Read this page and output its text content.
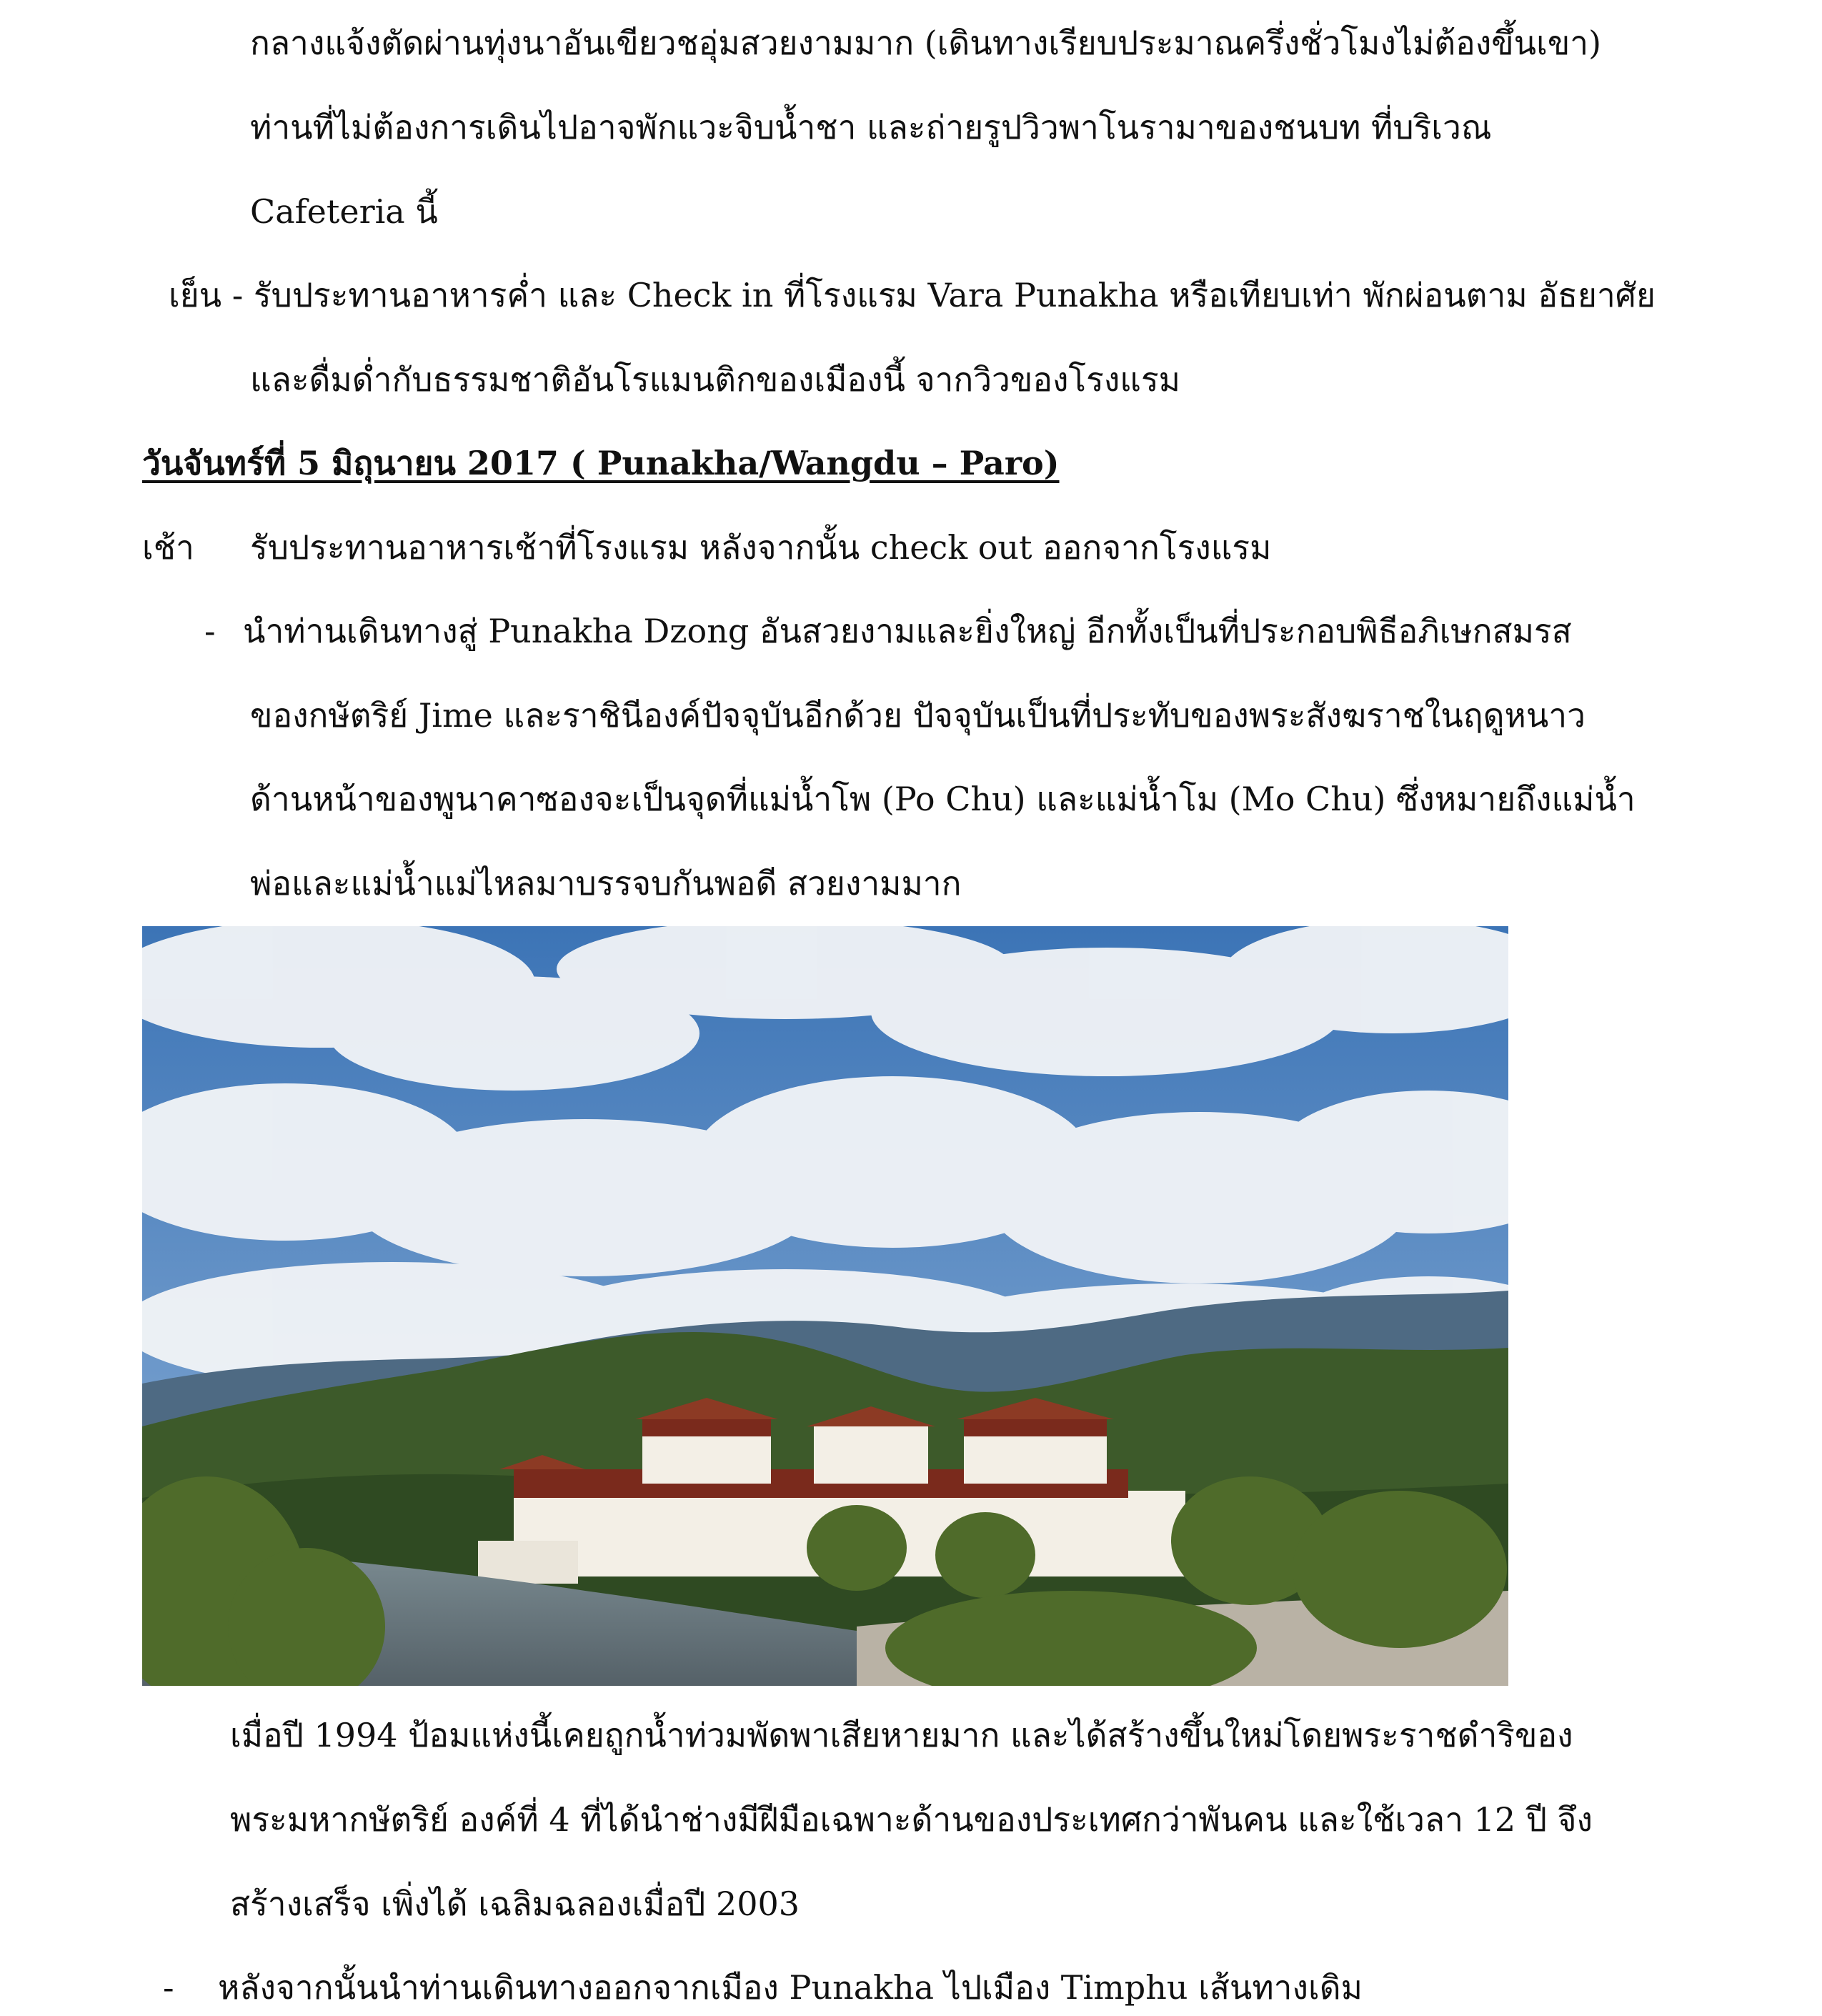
กลางแจ้งตัดผ่านทุ่งนาอันเขียวชอุ่มสวยงามมาก (เดินทางเรียบประมาณครึ่งชั่วโมงไม่ต้องขึ้นเขา)
ท่านที่ไม่ต้องการเดินไปอาจพักแวะจิบน้ำชา และถ่ายรูปวิวพาโนรามาของชนบท ที่บริเวณ
Cafeteria นี้
เย็น - รับประทานอาหารค่ำ และ Check in ที่โรงแรม Vara Punakha หรือเทียบเท่า พักผ่อนตาม อัธยาศัย
และดื่มด่ำกับธรรมชาติอันโรแมนติกของเมืองนี้ จากวิวของโรงแรม
วันจันทร์ที่ 5 มิถุนายน 2017 ( Punakha/Wangdu – Paro)
เช้า รับประทานอาหารเช้าที่โรงแรม หลังจากนั้น check out ออกจากโรงแรม
- นำท่านเดินทางสู่ Punakha Dzong อันสวยงามและยิ่งใหญ่ อีกทั้งเป็นที่ประกอบพิธีอภิเษกสมรส
ของกษัตริย์ Jime และราชินีองค์ปัจจุบันอีกด้วย ปัจจุบันเป็นที่ประทับของพระสังฆราชในฤดูหนาว
ด้านหน้าของพูนาคาซองจะเป็นจุดที่แม่น้ำโพ (Po Chu) และแม่น้ำโม (Mo Chu) ซึ่งหมายถึงแม่น้ำ
พ่อและแม่น้ำแม่ไหลมาบรรจบกันพอดี สวยงามมาก
เมื่อปี 1994 ป้อมแห่งนี้เคยถูกน้ำท่วมพัดพาเสียหายมาก และได้สร้างขึ้นใหม่โดยพระราชดำริของ
พระมหากษัตริย์ องค์ที่ 4 ที่ได้นำช่างมีฝีมือเฉพาะด้านของประเทศกว่าพันคน และใช้เวลา 12 ปี จึง
สร้างเสร็จ เพิ่งได้ เฉลิมฉลองเมื่อปี 2003
- หลังจากนั้นนำท่านเดินทางออกจากเมือง Punakha ไปเมือง Timphu เส้นทางเดิม
